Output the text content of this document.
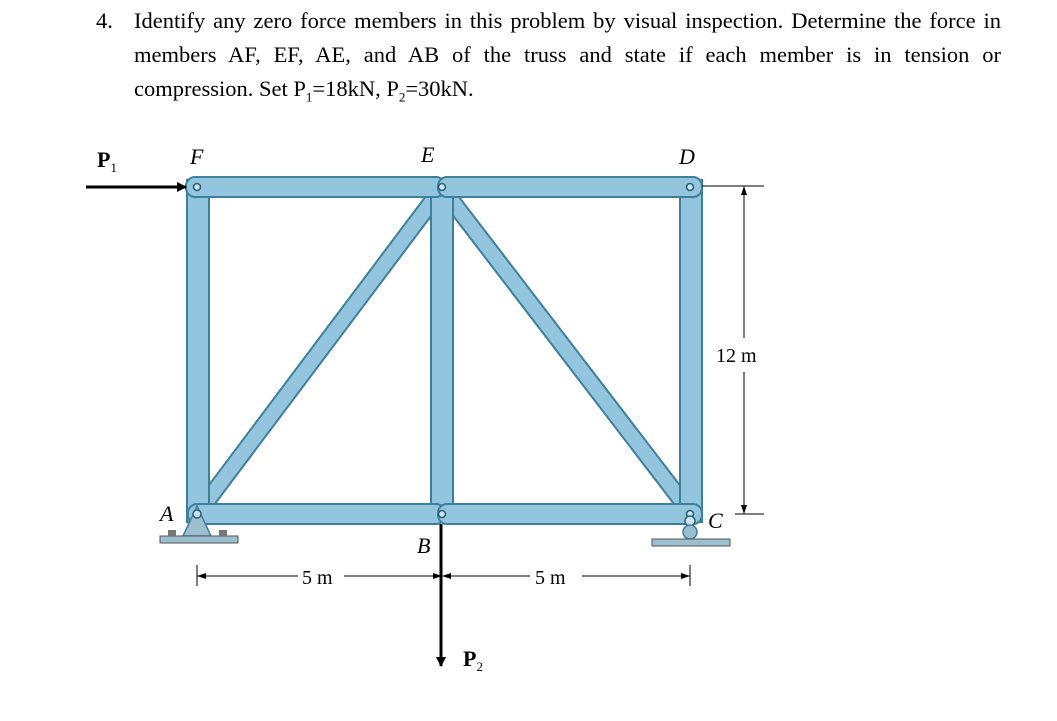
4. Identify any zero force members in this problem by visual inspection. Determine the force in members AF, EF, AE, and AB of the truss and state if each member is in tension or compression. Set $P_1=18kN$, $P_2=30kN$.
$P_1$
$P_2$
F	E	D
A
B
C
5 m	5 m
12 m
